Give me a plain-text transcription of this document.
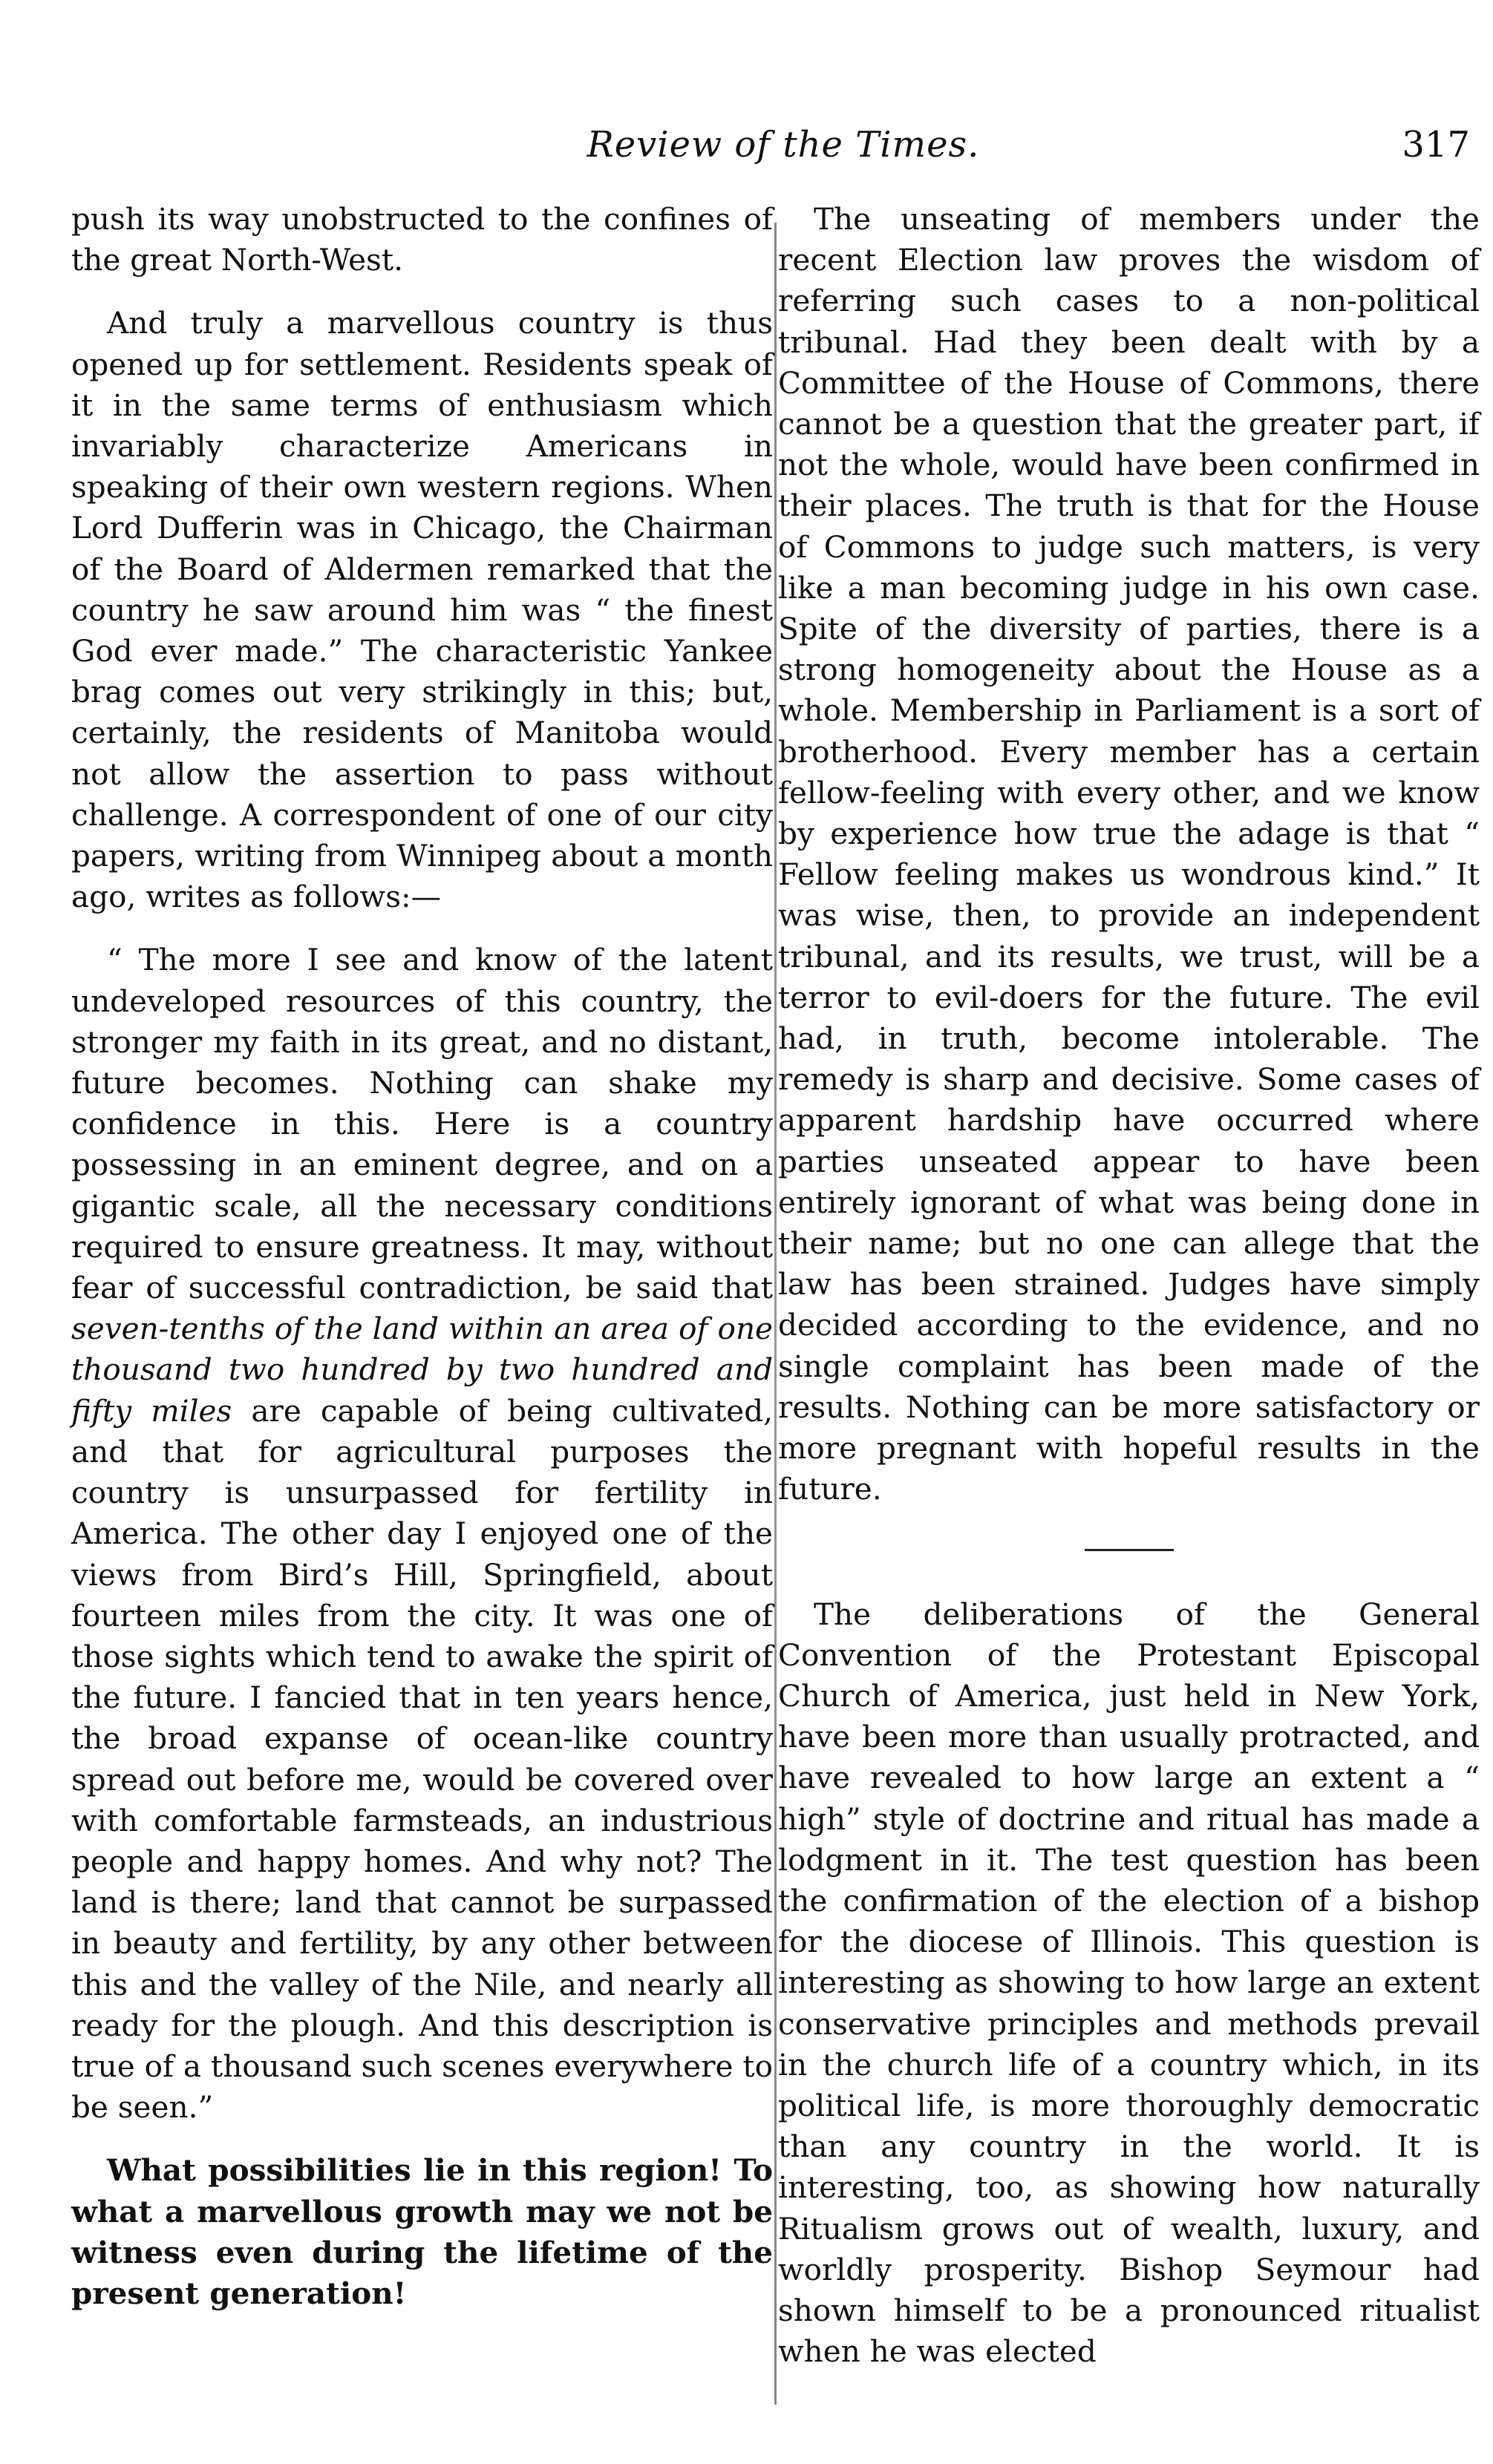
Review of the Times.	317

push its way unobstructed to the confines of the great North-West.

And truly a marvellous country is thus opened up for settlement. Residents speak of it in the same terms of enthusiasm which invariably characterize Americans in speaking of their own western regions. When Lord Dufferin was in Chicago, the Chairman of the Board of Aldermen remarked that the country he saw around him was “ the finest God ever made.” The characteristic Yankee brag comes out very strikingly in this; but, certainly, the residents of Manitoba would not allow the assertion to pass without challenge. A correspondent of one of our city papers, writing from Winnipeg about a month ago, writes as follows:—

“ The more I see and know of the latent undeveloped resources of this country, the stronger my faith in its great, and no distant, future becomes. Nothing can shake my confidence in this. Here is a country possessing in an eminent degree, and on a gigantic scale, all the necessary conditions required to ensure greatness. It may, without fear of successful contradiction, be said that seven-tenths of the land within an area of one thousand two hundred by two hundred and fifty miles are capable of being cultivated, and that for agricultural purposes the country is unsurpassed for fertility in America. The other day I enjoyed one of the views from Bird’s Hill, Springfield, about fourteen miles from the city. It was one of those sights which tend to awake the spirit of the future. I fancied that in ten years hence, the broad expanse of ocean-like country spread out before me, would be covered over with comfortable farmsteads, an industrious people and happy homes. And why not? The land is there; land that cannot be surpassed in beauty and fertility, by any other between this and the valley of the Nile, and nearly all ready for the plough. And this description is true of a thousand such scenes everywhere to be seen.”

What possibilities lie in this region! To what a marvellous growth may we not be witness even during the lifetime of the present generation!

The unseating of members under the recent Election law proves the wisdom of referring such cases to a non-political tribunal. Had they been dealt with by a Committee of the House of Commons, there cannot be a question that the greater part, if not the whole, would have been confirmed in their places. The truth is that for the House of Commons to judge such matters, is very like a man becoming judge in his own case. Spite of the diversity of parties, there is a strong homogeneity about the House as a whole. Membership in Parliament is a sort of brotherhood. Every member has a certain fellow-feeling with every other, and we know by experience how true the adage is that “ Fellow feeling makes us wondrous kind.” It was wise, then, to provide an independent tribunal, and its results, we trust, will be a terror to evil-doers for the future. The evil had, in truth, become intolerable. The remedy is sharp and decisive. Some cases of apparent hardship have occurred where parties unseated appear to have been entirely ignorant of what was being done in their name; but no one can allege that the law has been strained. Judges have simply decided according to the evidence, and no single complaint has been made of the results. Nothing can be more satisfactory or more pregnant with hopeful results in the future.

The deliberations of the General Convention of the Protestant Episcopal Church of America, just held in New York, have been more than usually protracted, and have revealed to how large an extent a “ high” style of doctrine and ritual has made a lodgment in it. The test question has been the confirmation of the election of a bishop for the diocese of Illinois. This question is interesting as showing to how large an extent conservative principles and methods prevail in the church life of a country which, in its political life, is more thoroughly democratic than any country in the world. It is interesting, too, as showing how naturally Ritualism grows out of wealth, luxury, and worldly prosperity. Bishop Seymour had shown himself to be a pronounced ritualist when he was elected
